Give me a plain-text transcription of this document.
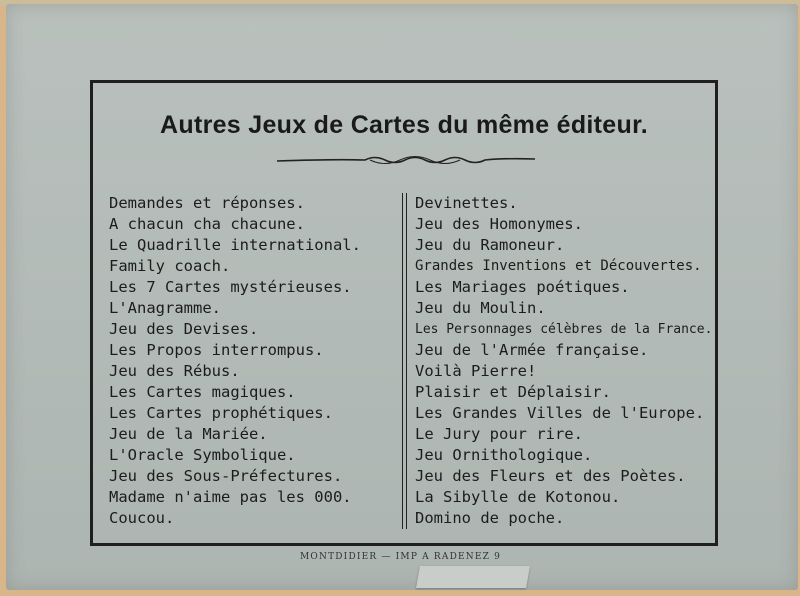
Autres Jeux de Cartes du même éditeur.
Demandes et réponses.
A chacun cha chacune.
Le Quadrille international.
Family coach.
Les 7 Cartes mystérieuses.
L'Anagramme.
Jeu des Devises.
Les Propos interrompus.
Jeu des Rébus.
Les Cartes magiques.
Les Cartes prophétiques.
Jeu de la Mariée.
L'Oracle Symbolique.
Jeu des Sous-Préfectures.
Madame n'aime pas les 000.
Coucou.
Devinettes.
Jeu des Homonymes.
Jeu du Ramoneur.
Grandes Inventions et Découvertes.
Les Mariages poétiques.
Jeu du Moulin.
Les Personnages célèbres de la France.
Jeu de l'Armée française.
Voilà Pierre!
Plaisir et Déplaisir.
Les Grandes Villes de l'Europe.
Le Jury pour rire.
Jeu Ornithologique.
Jeu des Fleurs et des Poètes.
La Sibylle de Kotonou.
Domino de poche.
MONTDIDIER — IMP A RADENEZ 9
